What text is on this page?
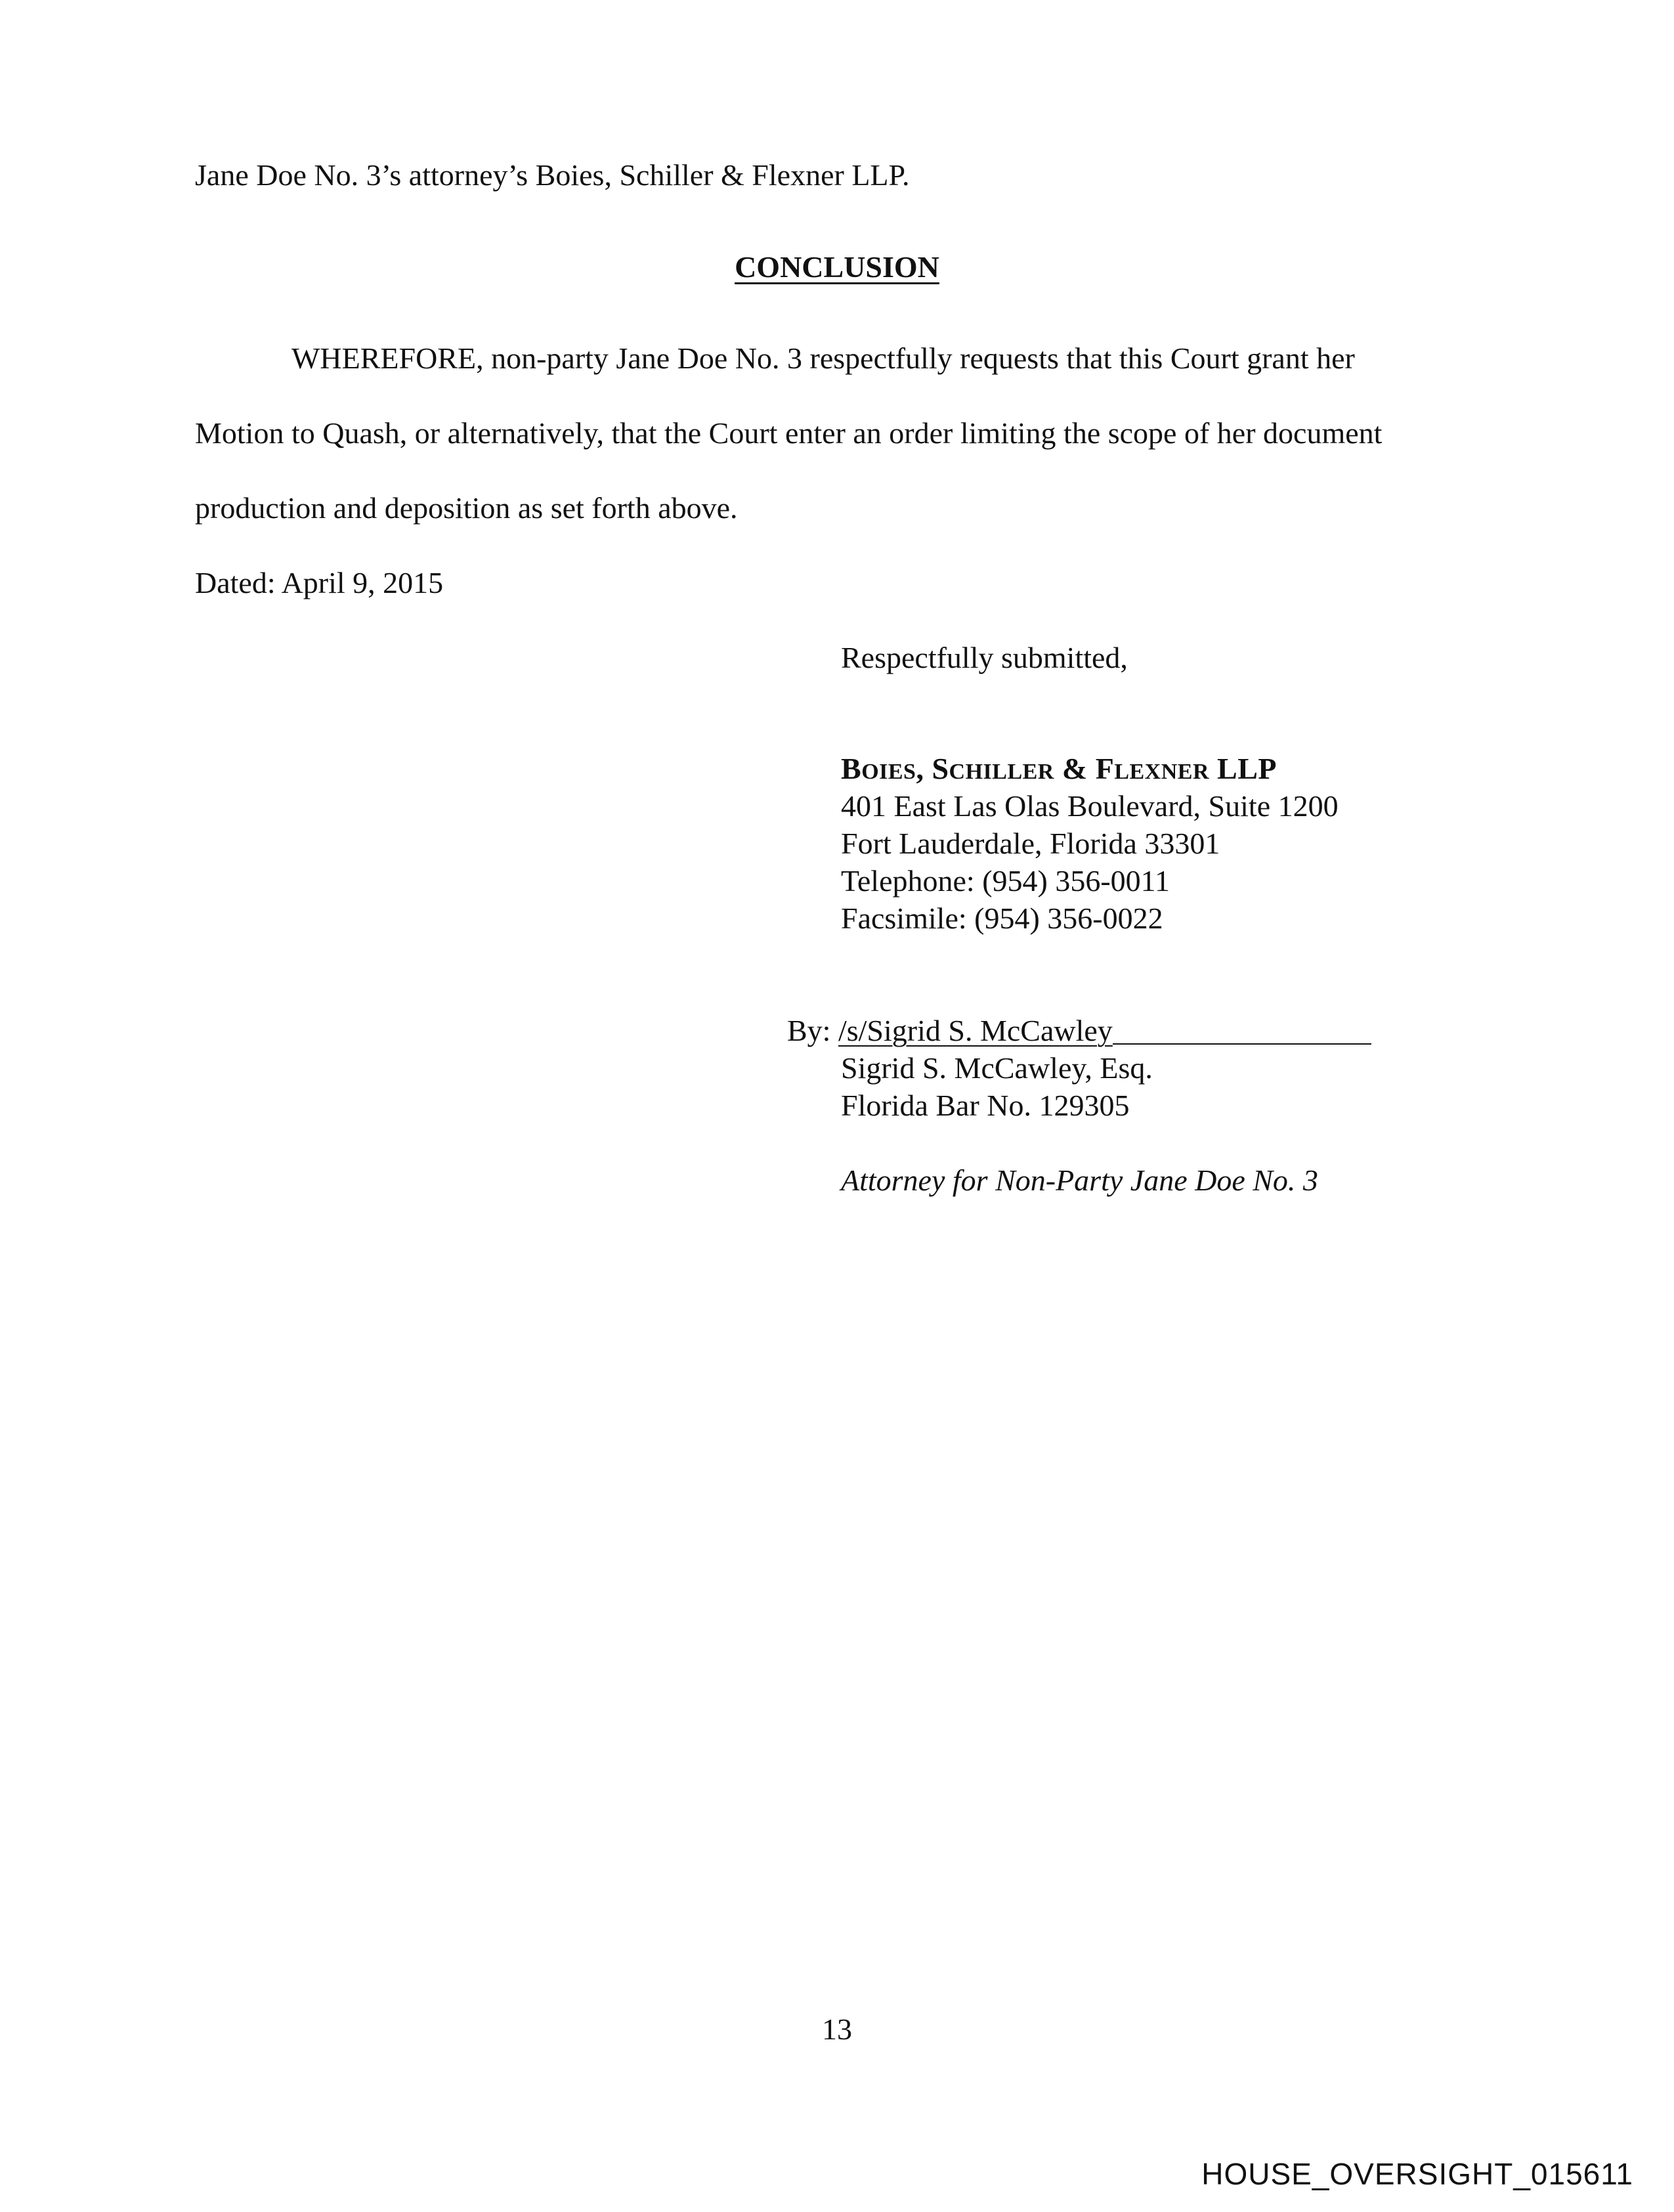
Jane Doe No. 3’s attorney’s Boies, Schiller & Flexner LLP.
CONCLUSION
WHEREFORE, non-party Jane Doe No. 3 respectfully requests that this Court grant her
Motion to Quash, or alternatively, that the Court enter an order limiting the scope of her document
production and deposition as set forth above.
Dated: April 9, 2015
Respectfully submitted,
BOIES, SCHILLER & FLEXNER LLP
401 East Las Olas Boulevard, Suite 1200
Fort Lauderdale, Florida 33301
Telephone: (954) 356-0011
Facsimile: (954) 356-0022
By: /s/Sigrid S. McCawley
Sigrid S. McCawley, Esq.
Florida Bar No. 129305
Attorney for Non-Party Jane Doe No. 3
13
HOUSE_OVERSIGHT_015611
